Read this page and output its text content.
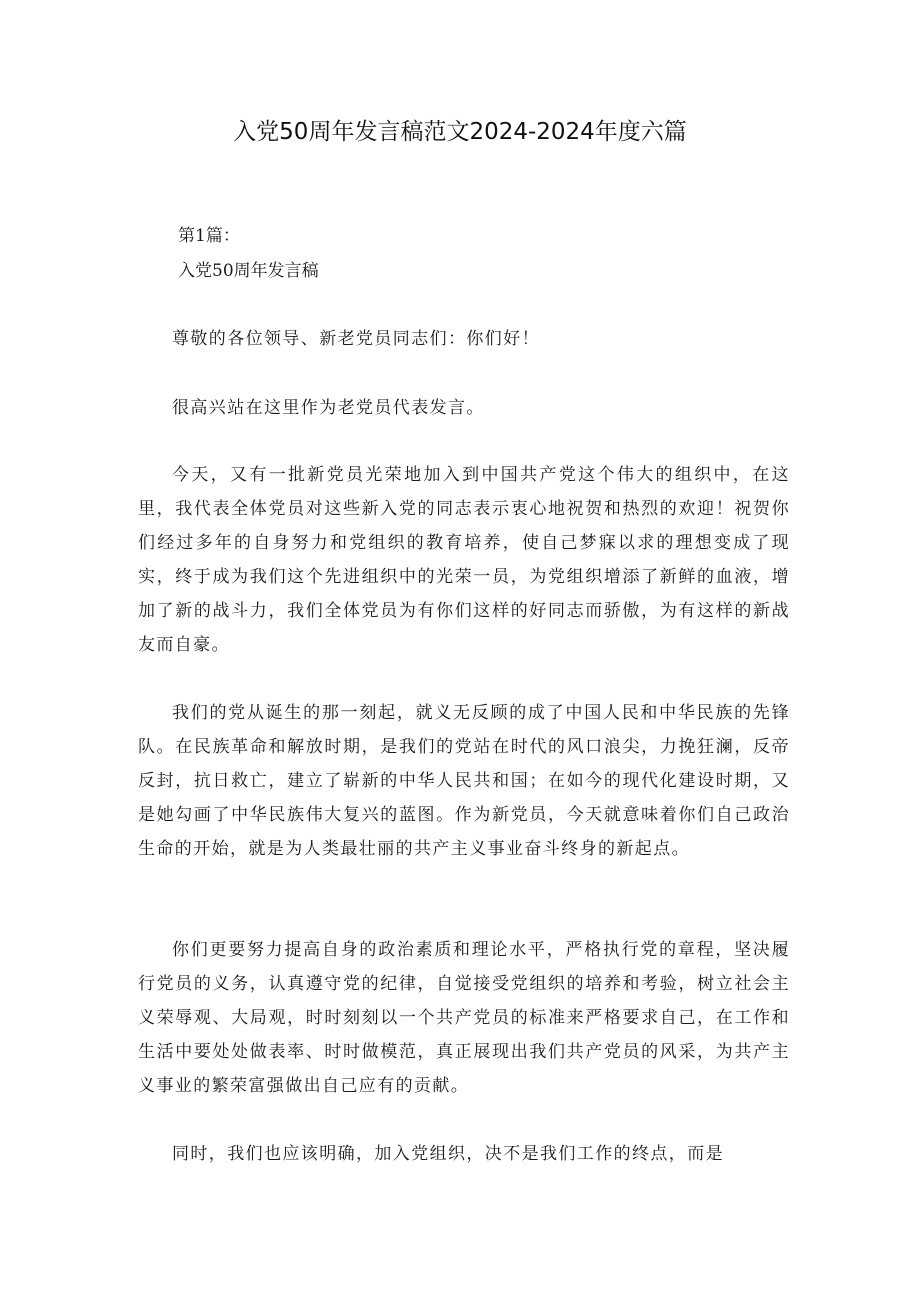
入党50周年发言稿范文2024-2024年度六篇
第1篇：
入党50周年发言稿

尊敬的各位领导、新老党员同志们：你们好！

很高兴站在这里作为老党员代表发言。

今天，又有一批新党员光荣地加入到中国共产党这个伟大的组织中，在这里，我代表全体党员对这些新入党的同志表示衷心地祝贺和热烈的欢迎！祝贺你们经过多年的自身努力和党组织的教育培养，使自己梦寐以求的理想变成了现实，终于成为我们这个先进组织中的光荣一员，为党组织增添了新鲜的血液，增加了新的战斗力，我们全体党员为有你们这样的好同志而骄傲，为有这样的新战友而自豪。

我们的党从诞生的那一刻起，就义无反顾的成了中国人民和中华民族的先锋队。在民族革命和解放时期，是我们的党站在时代的风口浪尖，力挽狂澜，反帝反封，抗日救亡，建立了崭新的中华人民共和国；在如今的现代化建设时期，又是她勾画了中华民族伟大复兴的蓝图。作为新党员，今天就意味着你们自己政治生命的开始，就是为人类最壮丽的共产主义事业奋斗终身的新起点。

你们更要努力提高自身的政治素质和理论水平，严格执行党的章程，坚决履行党员的义务，认真遵守党的纪律，自觉接受党组织的培养和考验，树立社会主义荣辱观、大局观，时时刻刻以一个共产党员的标准来严格要求自己，在工作和生活中要处处做表率、时时做模范，真正展现出我们共产党员的风采，为共产主义事业的繁荣富强做出自己应有的贡献。

同时，我们也应该明确，加入党组织，决不是我们工作的终点，而是
